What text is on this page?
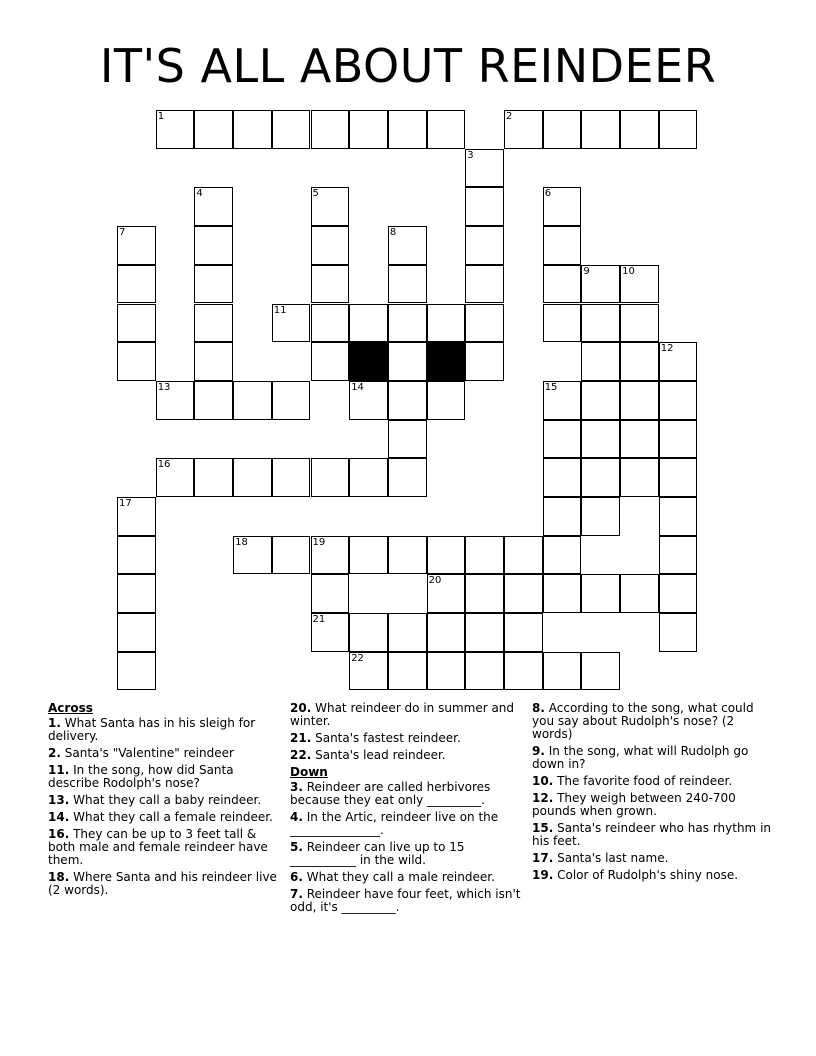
IT'S ALL ABOUT REINDEER
1	2
3
4	5	6
7	8
9	10
11
12
13	14	15
16
17
18	19
20
21
22
Across
1. What Santa has in his sleigh for delivery.
2. Santa's "Valentine" reindeer
11. In the song, how did Santa describe Rodolph's nose?
13. What they call a baby reindeer.
14. What they call a female reindeer.
16. They can be up to 3 feet tall & both male and female reindeer have them.
18. Where Santa and his reindeer live (2 words).
20. What reindeer do in summer and winter.
21. Santa's fastest reindeer.
22. Santa's lead reindeer.
Down
3. Reindeer are called herbivores because they eat only _________.
4. In the Artic, reindeer live on the _______________.
5. Reindeer can live up to 15 ___________ in the wild.
6. What they call a male reindeer.
7. Reindeer have four feet, which isn't odd, it's _________.
8. According to the song, what could you say about Rudolph's nose? (2 words)
9. In the song, what will Rudolph go down in?
10. The favorite food of reindeer.
12. They weigh between 240-700 pounds when grown.
15. Santa's reindeer who has rhythm in his feet.
17. Santa's last name.
19. Color of Rudolph's shiny nose.
